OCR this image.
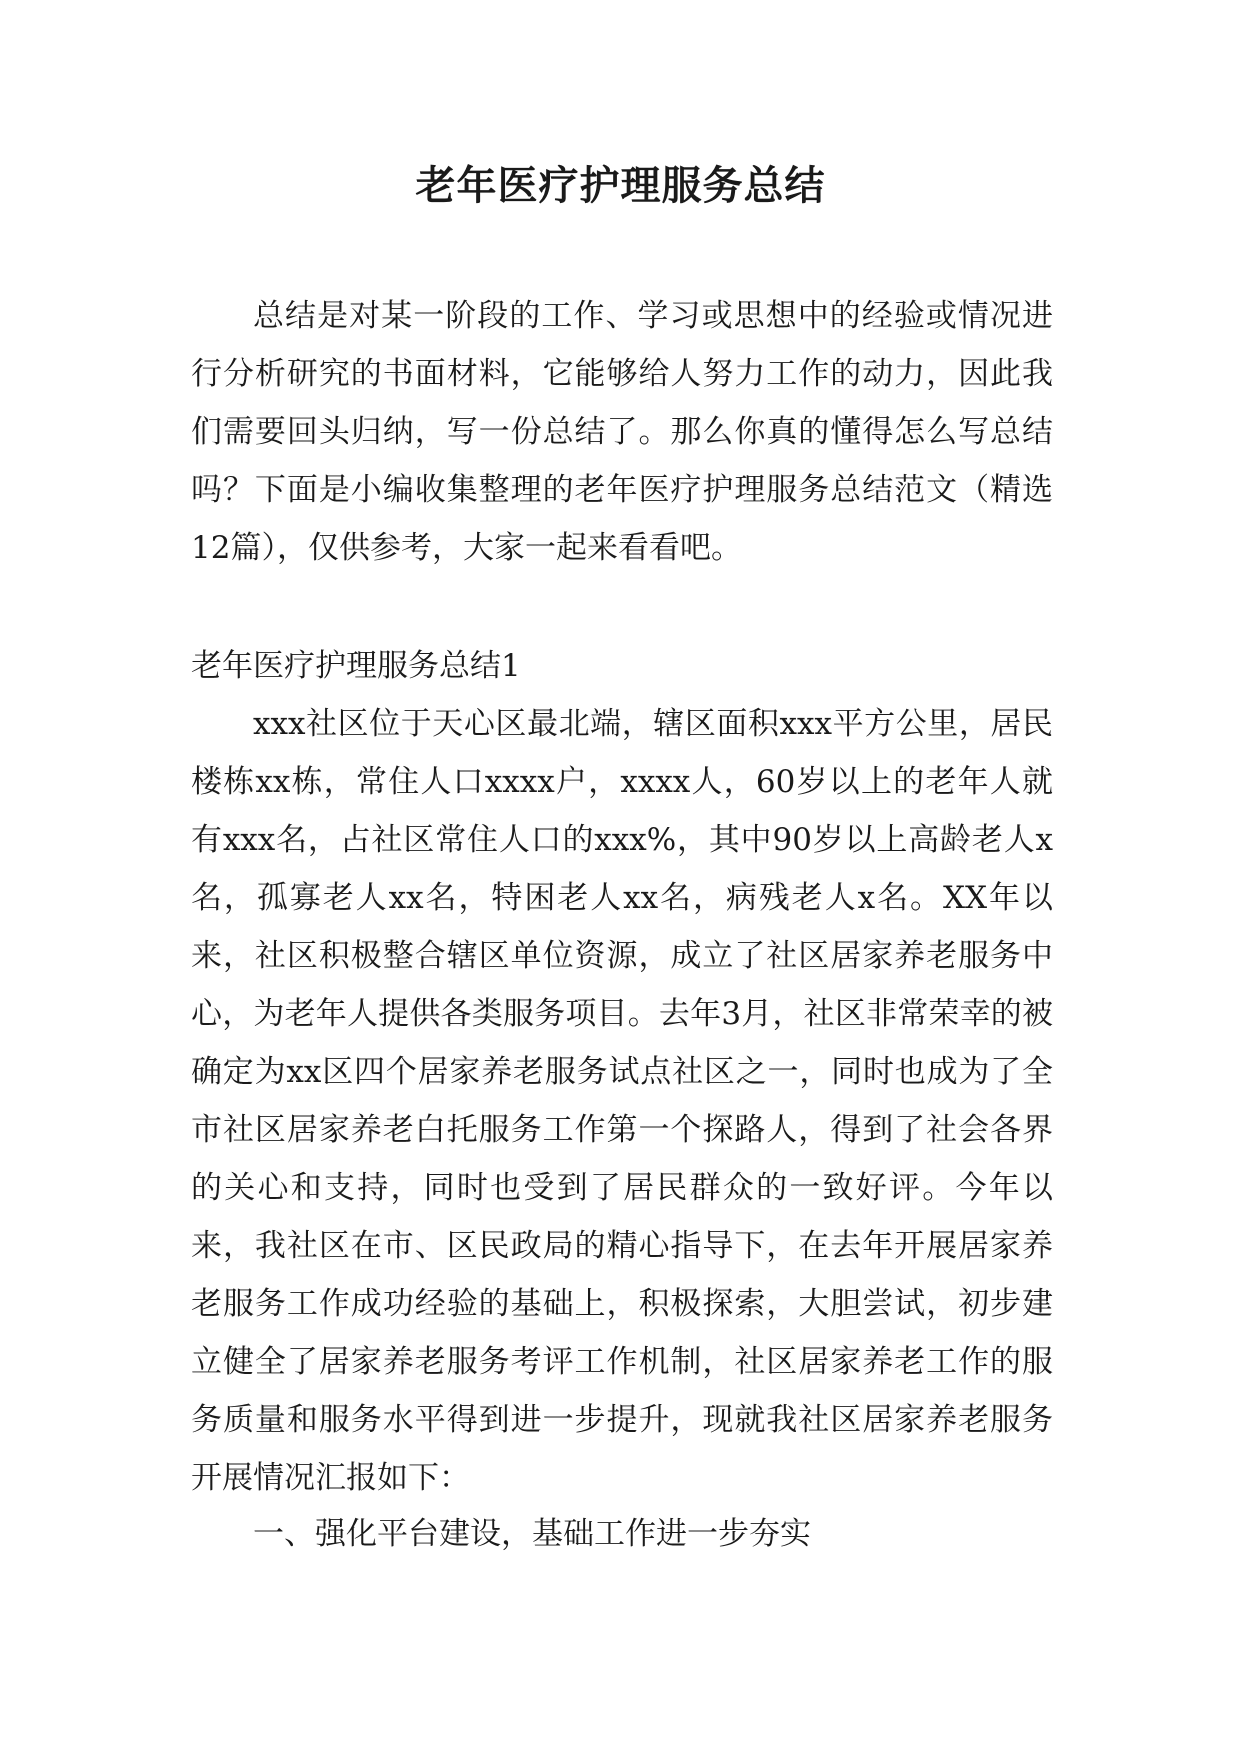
老年医疗护理服务总结

总结是对某一阶段的工作、学习或思想中的经验或情况进行分析研究的书面材料，它能够给人努力工作的动力，因此我们需要回头归纳，写一份总结了。那么你真的懂得怎么写总结吗？下面是小编收集整理的老年医疗护理服务总结范文（精选12篇），仅供参考，大家一起来看看吧。

老年医疗护理服务总结1

xxx社区位于天心区最北端，辖区面积xxx平方公里，居民楼栋xx栋，常住人口xxxx户，xxxx人，60岁以上的老年人就有xxx名，占社区常住人口的xxx%，其中90岁以上高龄老人x名，孤寡老人xx名，特困老人xx名，病残老人x名。XX年以来，社区积极整合辖区单位资源，成立了社区居家养老服务中心，为老年人提供各类服务项目。去年3月，社区非常荣幸的被确定为xx区四个居家养老服务试点社区之一，同时也成为了全市社区居家养老白托服务工作第一个探路人，得到了社会各界的关心和支持，同时也受到了居民群众的一致好评。今年以来，我社区在市、区民政局的精心指导下，在去年开展居家养老服务工作成功经验的基础上，积极探索，大胆尝试，初步建立健全了居家养老服务考评工作机制，社区居家养老工作的服务质量和服务水平得到进一步提升，现就我社区居家养老服务开展情况汇报如下：

一、强化平台建设，基础工作进一步夯实
